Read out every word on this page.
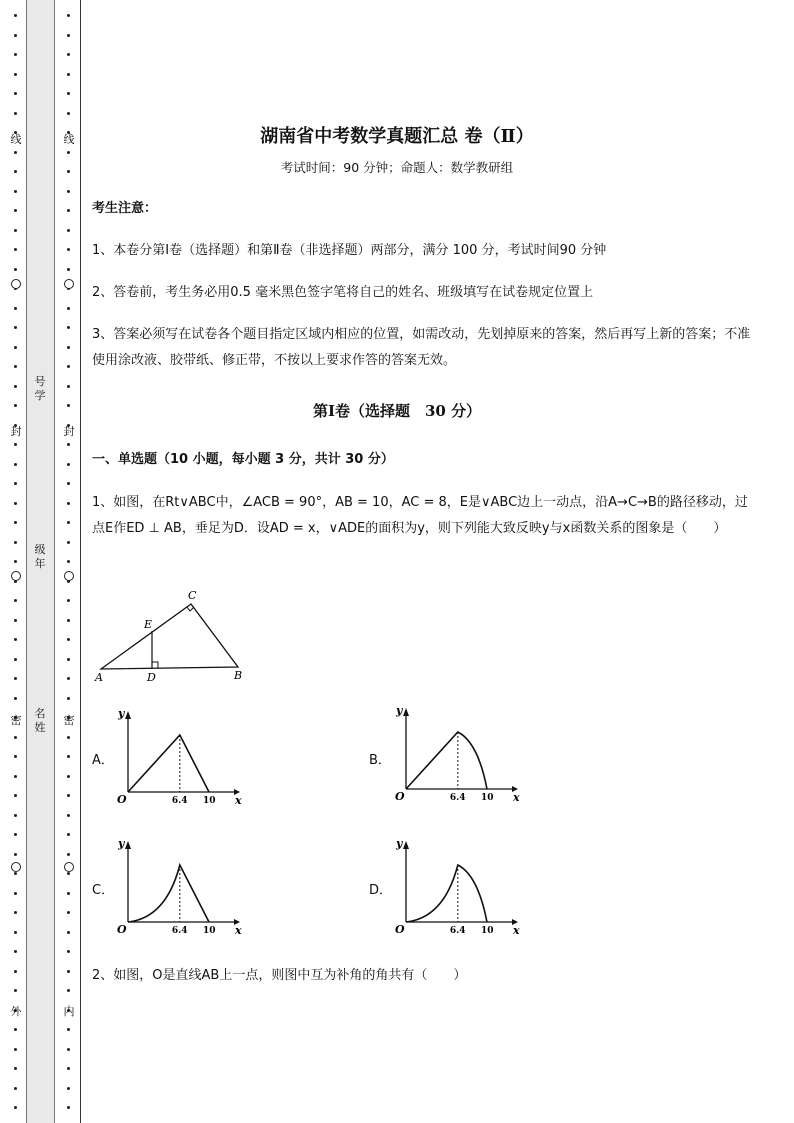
线
封
密
外
线
封
密
内
号学
级年
名姓
湖南省中考数学真题汇总 卷（Ⅱ）
考试时间：90 分钟；命题人：数学教研组
考生注意：
1、本卷分第Ⅰ卷（选择题）和第Ⅱ卷（非选择题）两部分，满分 100 分，考试时间90 分钟
2、答卷前，考生务必用0.5 毫米黑色签字笔将自己的姓名、班级填写在试卷规定位置上
3、答案必须写在试卷各个题目指定区域内相应的位置，如需改动，先划掉原来的答案，然后再写上新的答案；不准使用涂改液、胶带纸、修正带，不按以上要求作答的答案无效。
第Ⅰ卷（选择题　30 分）
一、单选题（10 小题，每小题 3 分，共计 30 分）
1、如图，在Rt∨ABC中，∠ACB = 90°，AB = 10，AC = 8，E是∨ABC边上一动点，沿A→C→B的路径移动，过点E作ED ⊥ AB，垂足为D．设AD = x，∨ADE的面积为y，则下列能大致反映y与x函数关系的图象是（　　）
A	B
C
D
E
A．
y
x
O	6.4 10
B．
y
x
O	6.4 10
C．
y
x
O	6.4 10
D．
y
x
O	6.4 10
2、如图，O是直线AB上一点，则图中互为补角的角共有（　　）
